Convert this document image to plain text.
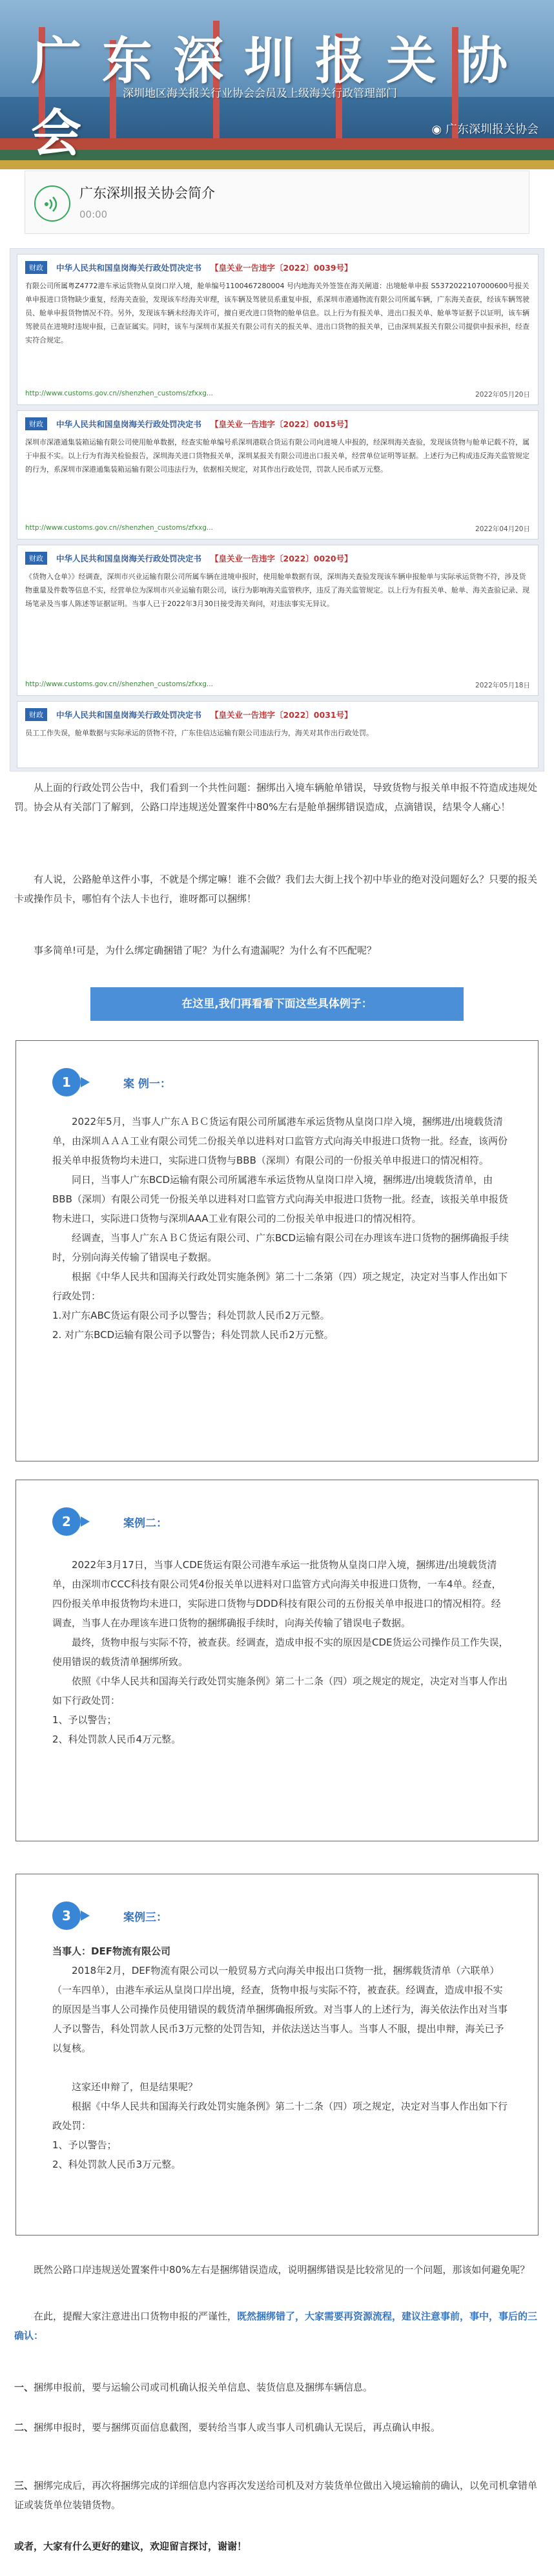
广东深圳报关协会
深圳地区海关报关行业协会会员及上级海关行政管理部门
◉ 广东深圳报关协会
广东深圳报关协会简介
00:00
财政	中华人民共和国皇岗海关行政处罚决定书 【皇关业一告违字〔2022〕0039号】
有限公司所属粤Z4772港车承运货物从皇岗口岸入境，舱单编号1100467280004 号内地海关外签签在海关闸道：出境舱单申报 S5372022107000600号报关单申报进口货物缺少重复，经海关查验，发现该车经海关审理，该车辆及驾驶员系重复申报，系深圳市港通物流有限公司所属车辆，广东海关查获，经该车辆驾驶员、舱单申报货物情况不符。另外，发现该车辆未经海关许可，擅自更改进口货物的舱单信息。以上行为有报关单、进出口报关单、舱单等证据予以证明，该车辆驾驶员在进境时违规申报，已查证属实。同时，该车与深圳市某报关有限公司有关的报关单、进出口货物的报关单，已由深圳某报关有限公司提供申报承担，经查实符合规定。
http://www.customs.gov.cn//shenzhen_customs/zfxxg...	2022年05月20日
财政	中华人民共和国皇岗海关行政处罚决定书 【皇关业一告违字〔2022〕0015号】
深圳市深港通集装箱运输有限公司使用舱单数据，经查实舱单编号系深圳港联合货运有限公司向进境人申报的，经深圳海关查验，发现该货物与舱单记载不符，属于申报不实。以上行为有海关检验报告，深圳海关进口货物报关单，深圳某报关有限公司进出口报关单，经营单位证明等证据。上述行为已构成违反海关监管规定的行为，系深圳市深港通集装箱运输有限公司违法行为，依据相关规定，对其作出行政处罚，罚款人民币贰万元整。
http://www.customs.gov.cn//shenzhen_customs/zfxxg...	2022年04月20日
财政	中华人民共和国皇岗海关行政处罚决定书 【皇关业一告违字〔2022〕0020号】
《货物入仓单》》经调查，深圳市兴业运输有限公司所属车辆在进境申报时，使用舱单数据有误，深圳海关查验发现该车辆申报舱单与实际承运货物不符，涉及货物重量及件数等信息不实，经营单位为深圳市兴业运输有限公司，该行为影响海关监管秩序，违反了海关监管规定。以上行为有报关单、舱单、海关查验记录、现场笔录及当事人陈述等证据证明。当事人已于2022年3月30日接受海关询问，对违法事实无异议。
http://www.customs.gov.cn//shenzhen_customs/zfxxg...	2022年05月18日
财政	中华人民共和国皇岗海关行政处罚决定书 【皇关业一告违字〔2022〕0031号】
员工工作失误，舱单数据与实际承运的货物不符，广东佳信达运输有限公司违法行为，海关对其作出行政处罚。
从上面的行政处罚公告中，我们看到一个共性问题：捆绑出入境车辆舱单错误，导致货物与报关单申报不符造成违规处罚。协会从有关部门了解到，公路口岸违规送处置案件中80%左右是舱单捆绑错误造成，点滴错误，结果令人痛心！
有人说，公路舱单这件小事，不就是个绑定嘛！谁不会做？我们去大街上找个初中毕业的绝对没问题好么？只要的报关卡或操作员卡，哪怕有个法人卡也行，谁呀都可以捆绑！
事多简单!可是，为什么绑定确捆错了呢？为什么有遗漏呢？为什么有不匹配呢？
在这里,我们再看看下面这些具体例子：
1	案 例一：

2022年5月，当事人广东ＡＢＣ货运有限公司所属港车承运货物从皇岗口岸入境，捆绑进/出境载货清单，由深圳ＡＡＡ工业有限公司凭二份报关单以进料对口监管方式向海关申报进口货物一批。经查，该两份报关单申报货物均未进口，实际进口货物与BBB（深圳）有限公司的一份报关单申报进口的情况相符。

同日，当事人广东BCD运输有限公司所属港车承运货物从皇岗口岸入境，捆绑进/出境载货清单，由BBB（深圳）有限公司凭一份报关单以进料对口监管方式向海关申报进口货物一批。经查，该报关单申报货物未进口，实际进口货物与深圳AAA工业有限公司的二份报关单申报进口的情况相符。

经调查，当事人广东ＡＢＣ货运有限公司、广东BCD运输有限公司在办理该车进口货物的捆绑确报手续时，分别向海关传输了错误电子数据。

根据《中华人民共和国海关行政处罚实施条例》第二十二条第（四）项之规定，决定对当事人作出如下行政处罚：

1.对广东ABC货运有限公司予以警告；科处罚款人民币2万元整。

2. 对广东BCD运输有限公司予以警告；科处罚款人民币2万元整。

2	案例二：

2022年3月17日，当事人CDE货运有限公司港车承运一批货物从皇岗口岸入境，捆绑进/出境载货清单，由深圳市CCC科技有限公司凭4份报关单以进料对口监管方式向海关申报进口货物，一车4单。经查，四份报关单申报货物均未进口，实际进口货物与DDD科技有限公司的五份报关单申报进口的情况相符。经调查，当事人在办理该车进口货物的捆绑确报手续时，向海关传输了错误电子数据。

最终，货物申报与实际不符，被查获。经调查，造成申报不实的原因是CDE货运公司操作员工作失误，使用错误的载货清单捆绑所致。

依照《中华人民共和国海关行政处罚实施条例》第二十二条（四）项之规定的规定，决定对当事人作出如下行政处罚：

1、予以警告；

2、科处罚款人民币4万元整。

3	案例三：

当事人：DEF物流有限公司

2018年2月，DEF物流有限公司以一般贸易方式向海关申报出口货物一批，捆绑载货清单（六联单）（一车四单），由港车承运从皇岗口岸出境，经查，货物申报与实际不符，被查获。经调查，造成申报不实的原因是当事人公司操作员使用错误的载货清单捆绑确报所致。对当事人的上述行为，海关依法作出对当事人予以警告，科处罚款人民币3万元整的处罚告知，并依法送达当事人。当事人不服，提出申辩，海关已予以复核。

这家还申辩了，但是结果呢？

根据《中华人民共和国海关行政处罚实施条例》第二十二条（四）项之规定，决定对当事人作出如下行政处罚：

1、予以警告；

2、科处罚款人民币3万元整。

既然公路口岸违规送处置案件中80%左右是捆绑错误造成，说明捆绑错误是比较常见的一个问题，那该如何避免呢？
在此，提醒大家注意进出口货物申报的严谨性，既然捆绑错了，大家需要再资源流程，建议注意事前，事中，事后的三确认：
一、捆绑申报前，要与运输公司或司机确认报关单信息、装货信息及捆绑车辆信息。
二、捆绑申报时，要与捆绑页面信息截图，要转给当事人或当事人司机确认无误后，再点确认申报。
三、捆绑完成后，再次将捆绑完成的详细信息内容再次发送给司机及对方装货单位做出入境运输前的确认，以免司机拿错单证或装货单位装错货物。
或者，大家有什么更好的建议，欢迎留言探讨，谢谢！
